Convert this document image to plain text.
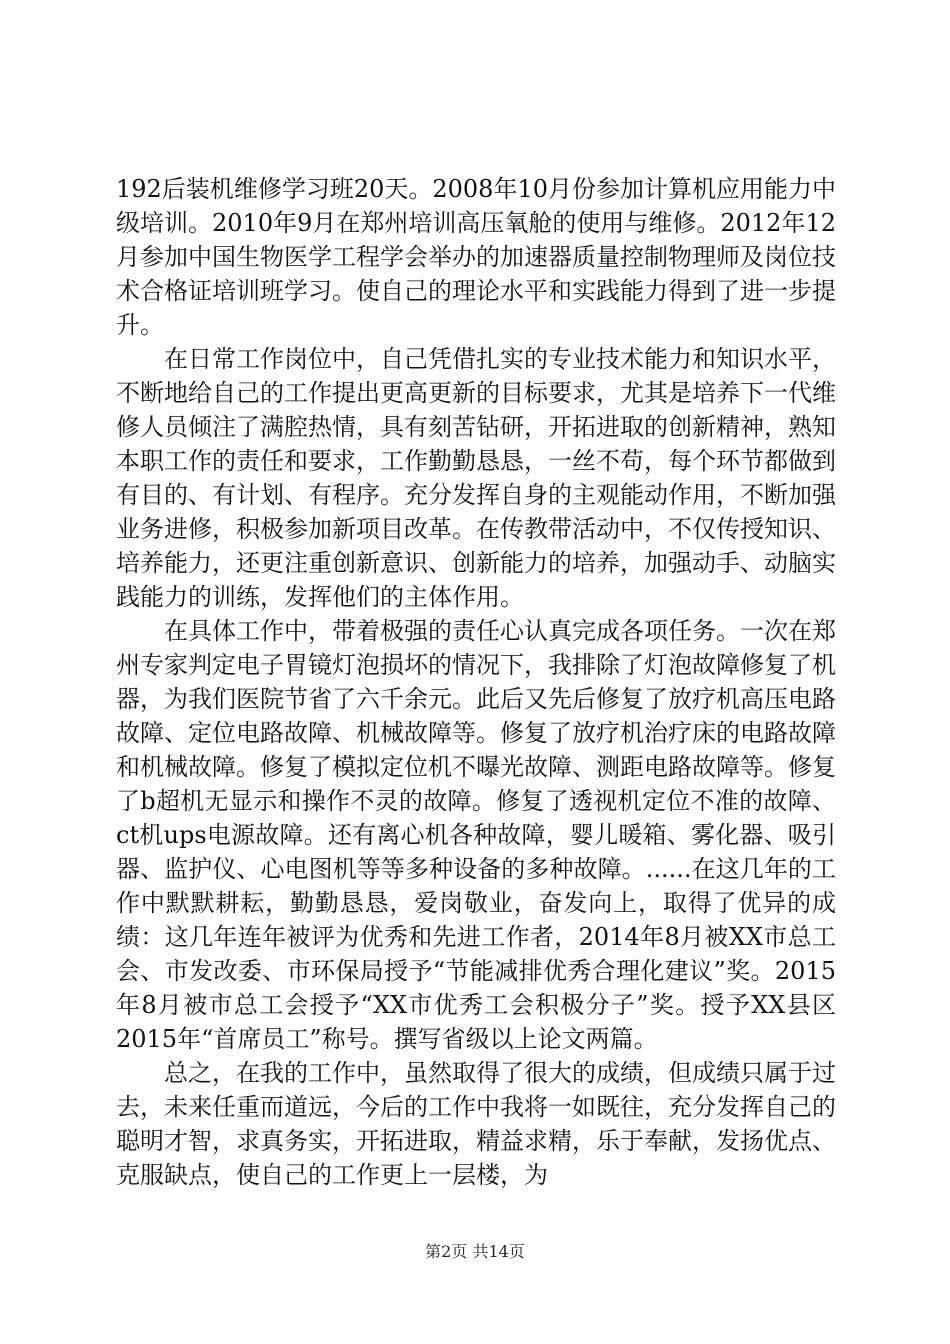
192后装机维修学习班20天。2008年10月份参加计算机应用能力中级培训。2010年9月在郑州培训高压氧舱的使用与维修。2012年12月参加中国生物医学工程学会举办的加速器质量控制物理师及岗位技术合格证培训班学习。使自己的理论水平和实践能力得到了进一步提升。

在日常工作岗位中，自己凭借扎实的专业技术能力和知识水平，不断地给自己的工作提出更高更新的目标要求，尤其是培养下一代维修人员倾注了满腔热情，具有刻苦钻研，开拓进取的创新精神，熟知本职工作的责任和要求，工作勤勤恳恳，一丝不苟，每个环节都做到有目的、有计划、有程序。充分发挥自身的主观能动作用，不断加强业务进修，积极参加新项目改革。在传教带活动中，不仅传授知识、培养能力，还更注重创新意识、创新能力的培养，加强动手、动脑实践能力的训练，发挥他们的主体作用。

在具体工作中，带着极强的责任心认真完成各项任务。一次在郑州专家判定电子胃镜灯泡损坏的情况下，我排除了灯泡故障修复了机器，为我们医院节省了六千余元。此后又先后修复了放疗机高压电路故障、定位电路故障、机械故障等。修复了放疗机治疗床的电路故障和机械故障。修复了模拟定位机不曝光故障、测距电路故障等。修复了b超机无显示和操作不灵的故障。修复了透视机定位不准的故障、ct机ups电源故障。还有离心机各种故障，婴儿暖箱、雾化器、吸引器、监护仪、心电图机等等多种设备的多种故障。......在这几年的工作中默默耕耘，勤勤恳恳，爱岗敬业，奋发向上，取得了优异的成绩：这几年连年被评为优秀和先进工作者，2014年8月被XX市总工会、市发改委、市环保局授予“节能减排优秀合理化建议”奖。2015年8月被市总工会授予“XX市优秀工会积极分子”奖。授予XX县区2015年“首席员工”称号。撰写省级以上论文两篇。

总之，在我的工作中，虽然取得了很大的成绩，但成绩只属于过去，未来任重而道远，今后的工作中我将一如既往，充分发挥自己的聪明才智，求真务实，开拓进取，精益求精，乐于奉献，发扬优点、克服缺点，使自己的工作更上一层楼，为

第2页 共14页
